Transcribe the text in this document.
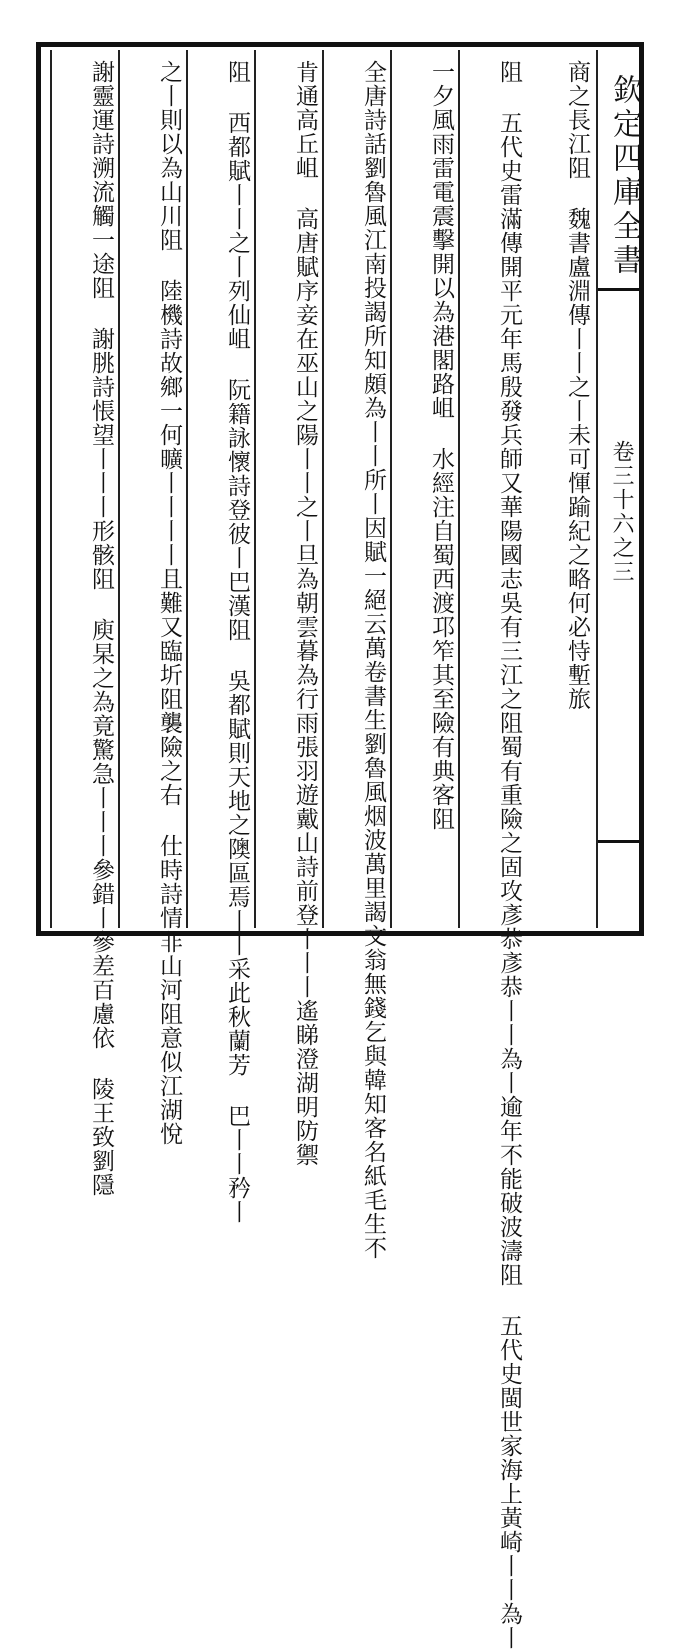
欽定四庫全書
卷三十六之三
商之長江阻 魏書盧淵傳丨丨之丨未可惲踰紀之略何必恃塹
旅
阻 五代史雷滿傳開平元年馬殷發兵師又華陽國志吳有三江之阻蜀有重險之固
攻彥恭彥恭丨丨為丨逾年不能破波濤阻 五代史閩世家海上黃崎丨丨為丨
一夕風雨雷電
震擊開以為港閣路岨 水經注自蜀西渡邛笮其至險有典客阻
全唐詩話劉魯風江南投謁所知頗為丨丨所丨因賦一絕云萬
卷書生劉魯風烟波萬里謁文翁無錢乞與韓知客名紙毛生不
肯
通高丘岨 高唐賦序妾在巫山之陽丨丨之丨旦為朝雲暮
為行雨張羽遊戴山詩前登丨丨丨遙睇澄湖明防禦
阻 西都賦丨丨之丨列仙岨 阮籍詠懷詩登彼丨巴漢阻 吳都賦
則天地之隩區焉丨丨采此秋蘭芳 巴丨丨矜丨
之丨則以為山川阻 陸機詩故鄉一何曠丨丨丨丨且難又臨圻阻
襲險之右 仕時詩情非山河阻意似江湖悅
謝靈運詩溯流觸一途阻 謝朓詩悵望丨丨丨形骸阻 庾杲之為竟
驚急丨丨丨參錯丨參差百慮依 陵王致劉隱
